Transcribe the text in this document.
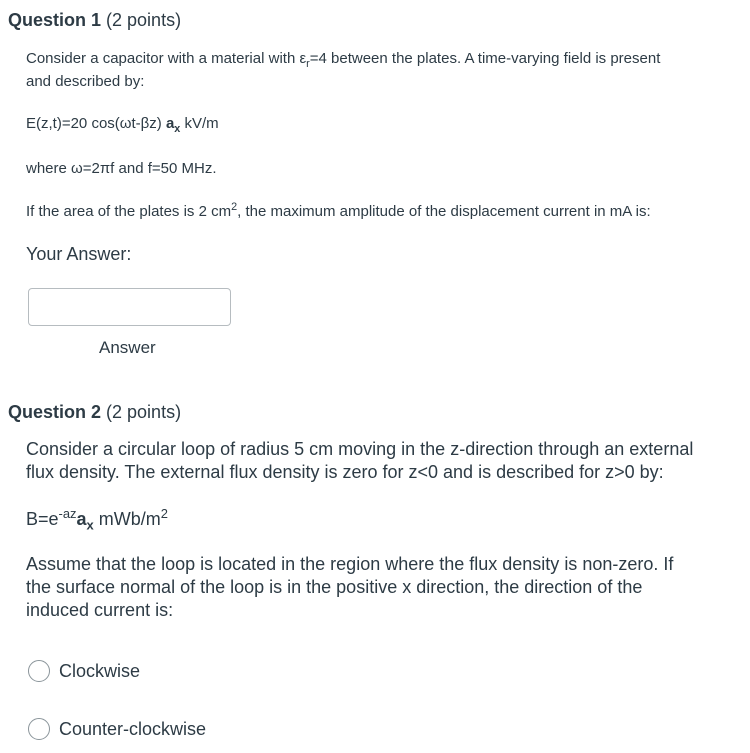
Question 1 (2 points)

Consider a capacitor with a material with $\varepsilon_r=4$ between the plates. A time-varying field is present

and described by:

E(z,t)=20 cos(ωt-βz) $a_x$ kV/m

where ω=2πf and f=50 MHz.

If the area of the plates is 2 $cm^2$, the maximum amplitude of the displacement current in mA is:

Your Answer:

Answer
Question 2 (2 points)

Consider a circular loop of radius 5 cm moving in the z-direction through an external

flux density. The external flux density is zero for z<0 and is described for z>0 by:

$B=e^{-az}a_x$ mWb/$m^2$

Assume that the loop is located in the region where the flux density is non-zero. If

the surface normal of the loop is in the positive x direction, the direction of the

induced current is:

Clockwise
Counter-clockwise
